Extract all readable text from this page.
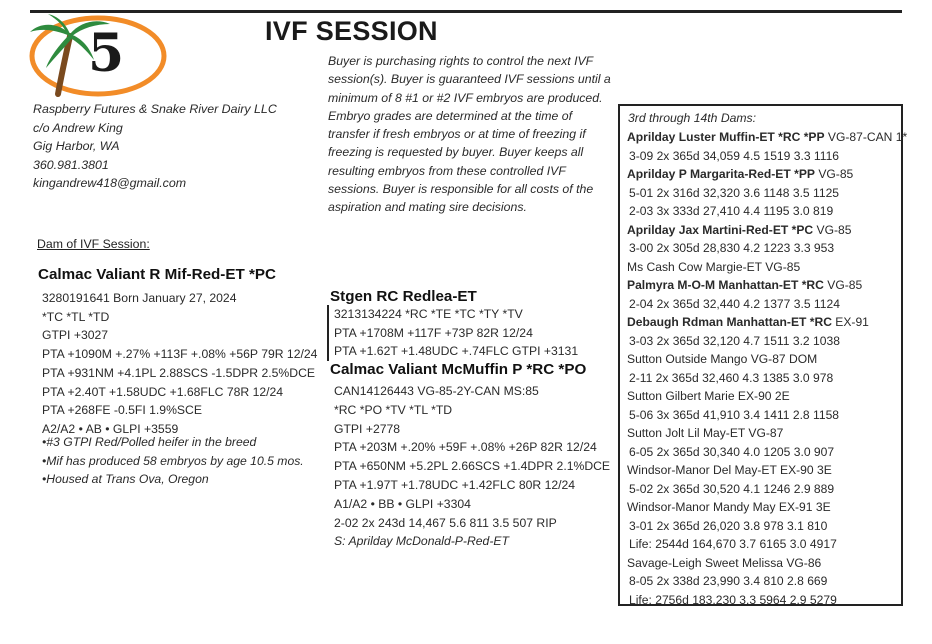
5	IVF SESSION
Buyer is purchasing rights to control the next IVF session(s). Buyer is guaranteed IVF sessions until a minimum of 8 #1 or #2 IVF embryos are produced. Embryo grades are determined at the time of transfer if fresh embryos or at time of freezing if freezing is requested by buyer. Buyer keeps all resulting embryos from these controlled IVF sessions. Buyer is responsible for all costs of the aspiration and mating sire decisions.
Raspberry Futures & Snake River Dairy LLC
c/o Andrew King
Gig Harbor, WA
360.981.3801
kingandrew418@gmail.com
Dam of IVF Session:
Calmac Valiant R Mif-Red-ET *PC
3280191641 Born January 27, 2024
*TC *TL *TD
GTPI +3027
PTA +1090M +.27% +113F +.08% +56P 79R 12/24
PTA +931NM +4.1PL 2.88SCS -1.5DPR 2.5%DCE
PTA +2.40T +1.58UDC +1.68FLC 78R 12/24
PTA +268FE -0.5FI 1.9%SCE
A2/A2 • AB • GLPI +3559
•#3 GTPI Red/Polled heifer in the breed
•Mif has produced 58 embryos by age 10.5 mos.
•Housed at Trans Ova, Oregon
Stgen RC Redlea-ET
3213134224 *RC *TE *TC *TY *TV
PTA +1708M +117F +73P 82R 12/24
PTA +1.62T +1.48UDC +.74FLC GTPI +3131
Calmac Valiant McMuffin P *RC *PO
CAN14126443 VG-85-2Y-CAN MS:85
*RC *PO *TV *TL *TD
GTPI +2778
PTA +203M +.20% +59F +.08% +26P 82R 12/24
PTA +650NM +5.2PL 2.66SCS +1.4DPR 2.1%DCE
PTA +1.97T +1.78UDC +1.42FLC 80R 12/24
A1/A2 • BB • GLPI +3304
2-02 2x 243d 14,467 5.6 811 3.5 507 RIP
S: Aprilday McDonald-P-Red-ET
3rd through 14th Dams:
Aprilday Luster Muffin-ET *RC *PP VG-87-CAN 1*
3-09 2x 365d 34,059 4.5 1519 3.3 1116
Aprilday P Margarita-Red-ET *PP VG-85
5-01 2x 316d 32,320 3.6 1148 3.5 1125
2-03 3x 333d 27,410 4.4 1195 3.0 819
Aprilday Jax Martini-Red-ET *PC VG-85
3-00 2x 305d 28,830 4.2 1223 3.3 953
Ms Cash Cow Margie-ET VG-85
Palmyra M-O-M Manhattan-ET *RC VG-85
2-04 2x 365d 32,440 4.2 1377 3.5 1124
Debaugh Rdman Manhattan-ET *RC EX-91
3-03 2x 365d 32,120 4.7 1511 3.2 1038
Sutton Outside Mango VG-87 DOM
2-11 2x 365d 32,460 4.3 1385 3.0 978
Sutton Gilbert Marie EX-90 2E
5-06 3x 365d 41,910 3.4 1411 2.8 1158
Sutton Jolt Lil May-ET VG-87
6-05 2x 365d 30,340 4.0 1205 3.0 907
Windsor-Manor Del May-ET EX-90 3E
5-02 2x 365d 30,520 4.1 1246 2.9 889
Windsor-Manor Mandy May EX-91 3E
3-01 2x 365d 26,020 3.8 978 3.1 810
Life: 2544d 164,670 3.7 6165 3.0 4917
Savage-Leigh Sweet Melissa VG-86
8-05 2x 338d 23,990 3.4 810 2.8 669
Life: 2756d 183,230 3.3 5964 2.9 5279
